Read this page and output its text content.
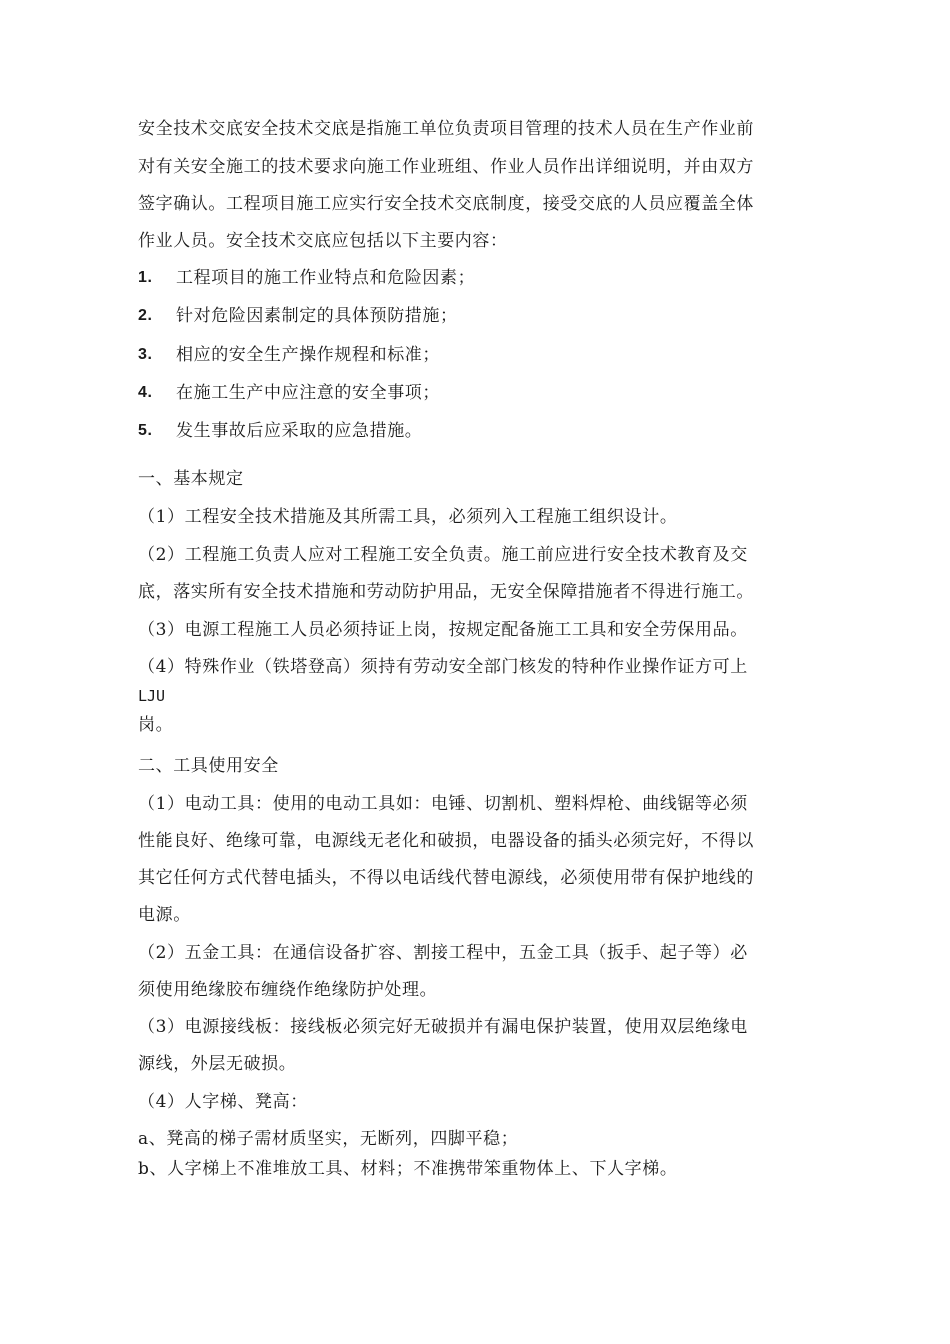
安全技术交底安全技术交底是指施工单位负责项目管理的技术人员在生产作业前
对有关安全施工的技术要求向施工作业班组、作业人员作出详细说明，并由双方
签字确认。工程项目施工应实行安全技术交底制度，接受交底的人员应覆盖全体
作业人员。安全技术交底应包括以下主要内容：
1. 工程项目的施工作业特点和危险因素；
2. 针对危险因素制定的具体预防措施；
3. 相应的安全生产操作规程和标准；
4. 在施工生产中应注意的安全事项；
5. 发生事故后应采取的应急措施。
一、基本规定
（1）工程安全技术措施及其所需工具，必须列入工程施工组织设计。
（2）工程施工负责人应对工程施工安全负责。施工前应进行安全技术教育及交
底，落实所有安全技术措施和劳动防护用品，无安全保障措施者不得进行施工。
（3）电源工程施工人员必须持证上岗，按规定配备施工工具和安全劳保用品。
（4）特殊作业（铁塔登高）须持有劳动安全部门核发的特种作业操作证方可上
LJU
岗。
二、工具使用安全
（1）电动工具：使用的电动工具如：电锤、切割机、塑料焊枪、曲线锯等必须
性能良好、绝缘可靠，电源线无老化和破损，电器设备的插头必须完好，不得以
其它任何方式代替电插头，不得以电话线代替电源线，必须使用带有保护地线的
电源。
（2）五金工具：在通信设备扩容、割接工程中，五金工具（扳手、起子等）必
须使用绝缘胶布缠绕作绝缘防护处理。
（3）电源接线板：接线板必须完好无破损并有漏电保护装置，使用双层绝缘电
源线，外层无破损。
（4）人字梯、凳高：
a、凳高的梯子需材质坚实，无断列，四脚平稳；
b、人字梯上不准堆放工具、材料；不准携带笨重物体上、下人字梯。
